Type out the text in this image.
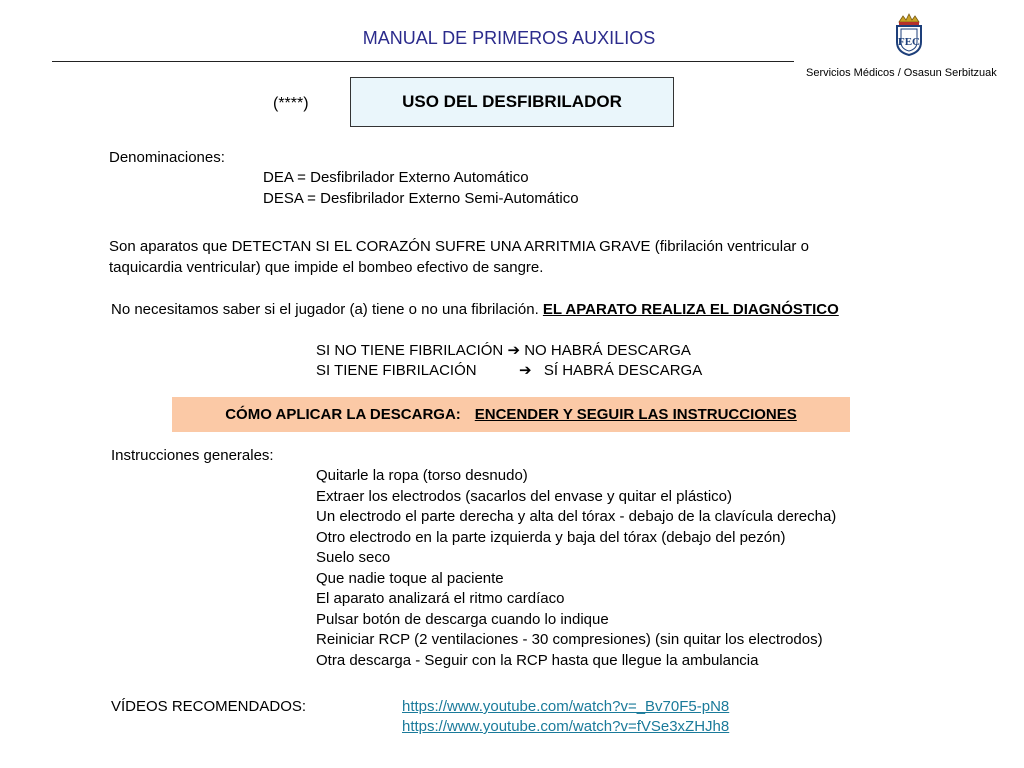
MANUAL DE PRIMEROS AUXILIOS	FEC
Servicios Médicos / Osasun Serbitzuak
(****)	USO DEL DESFIBRILADOR
Denominaciones:
DEA = Desfibrilador Externo Automático
DESA = Desfibrilador Externo Semi-Automático
Son aparatos que DETECTAN SI EL CORAZÓN SUFRE UNA ARRITMIA GRAVE (fibrilación ventricular o
taquicardia ventricular) que impide el bombeo efectivo de sangre.
No necesitamos saber si el jugador (a) tiene o no una fibrilación. EL APARATO REALIZA EL DIAGNÓSTICO
SI NO TIENE FIBRILACIÓN ➔ NO HABRÁ DESCARGA
SI TIENE FIBRILACIÓN	➔ SÍ HABRÁ DESCARGA
CÓMO APLICAR LA DESCARGA: ENCENDER Y SEGUIR LAS INSTRUCCIONES
Instrucciones generales:
Quitarle la ropa (torso desnudo)
Extraer los electrodos (sacarlos del envase y quitar el plástico)
Un electrodo el parte derecha y alta del tórax - debajo de la clavícula derecha)
Otro electrodo en la parte izquierda y baja del tórax (debajo del pezón)
Suelo seco
Que nadie toque al paciente
El aparato analizará el ritmo cardíaco
Pulsar botón de descarga cuando lo indique
Reiniciar RCP (2 ventilaciones - 30 compresiones) (sin quitar los electrodos)
Otra descarga - Seguir con la RCP hasta que llegue la ambulancia
VÍDEOS RECOMENDADOS:	https://www.youtube.com/watch?v=_Bv70F5-pN8
https://www.youtube.com/watch?v=fVSe3xZHJh8
